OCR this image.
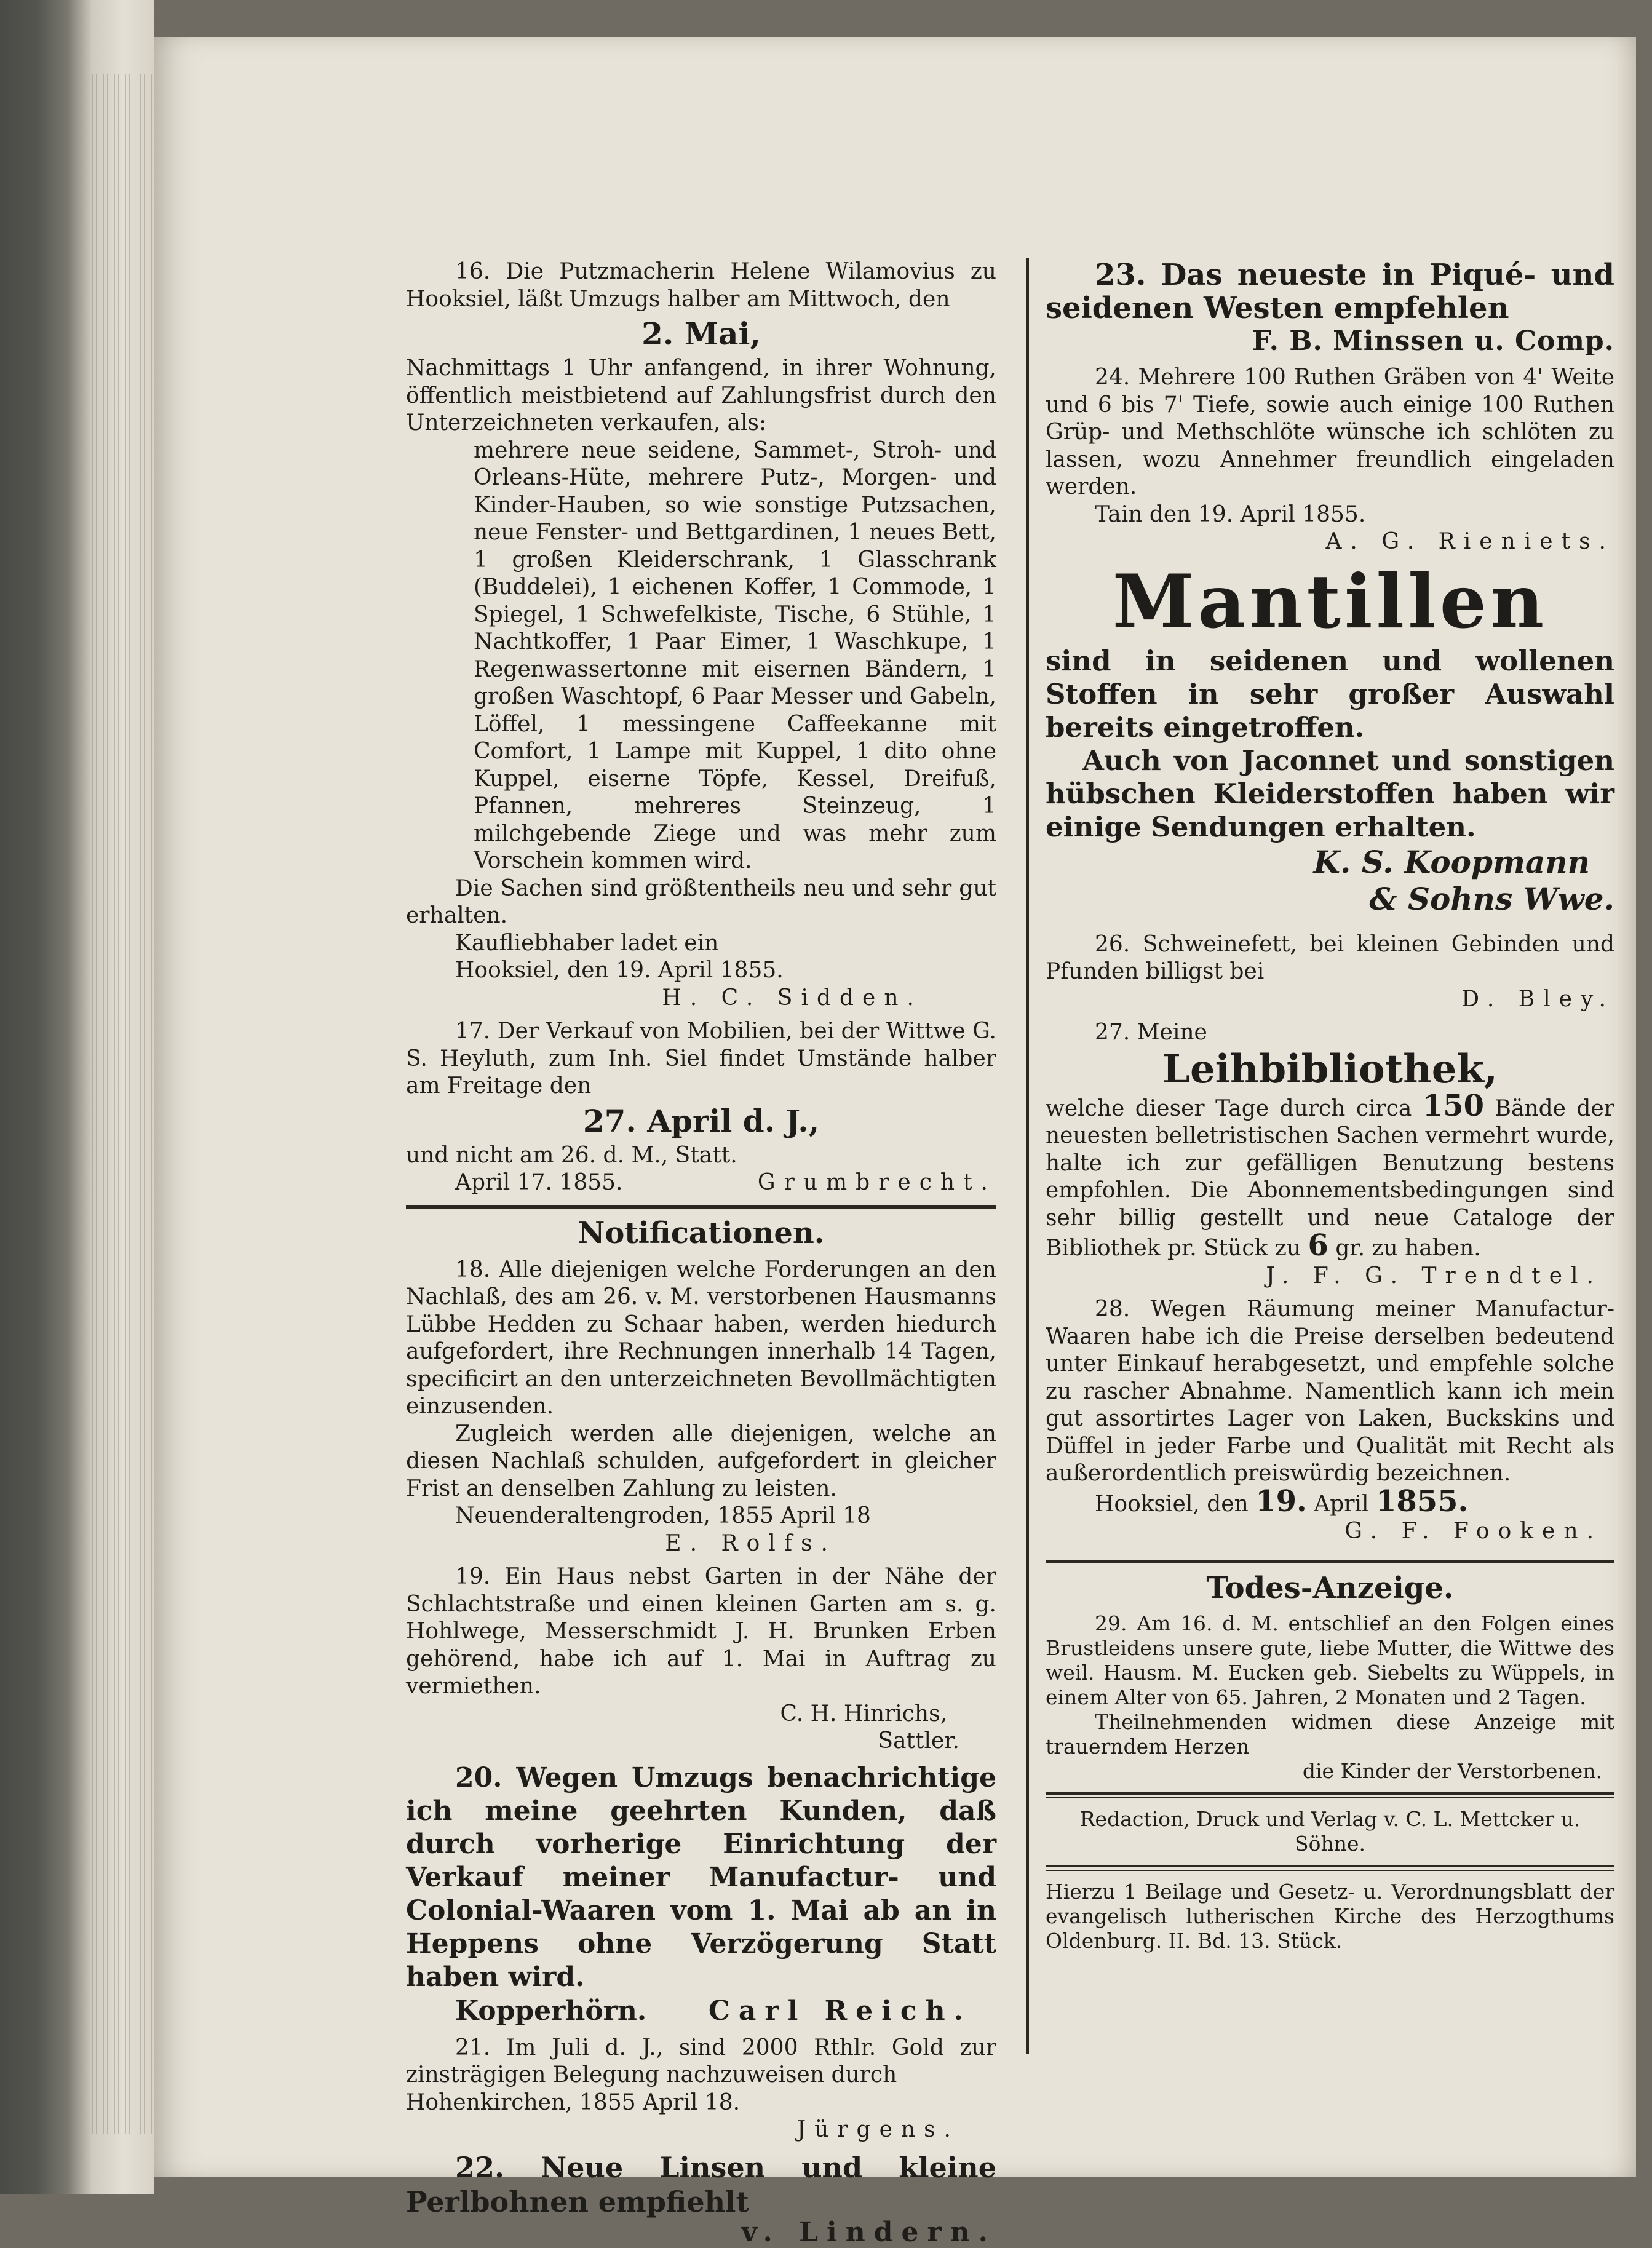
16. Die Putzmacherin Helene Wilamovius zu Hooksiel, läßt Umzugs halber am Mittwoch, den

2. Mai,

Nachmittags 1 Uhr anfangend, in ihrer Wohnung, öffentlich meistbietend auf Zahlungsfrist durch den Unterzeichneten verkaufen, als:

mehrere neue seidene, Sammet-, Stroh- und Orleans-Hüte, mehrere Putz-, Morgen- und Kinder-Hauben, so wie sonstige Putzsachen, neue Fenster- und Bettgardinen, 1 neues Bett, 1 großen Kleiderschrank, 1 Glasschrank (Buddelei), 1 eichenen Koffer, 1 Commode, 1 Spiegel, 1 Schwefelkiste, Tische, 6 Stühle, 1 Nachtkoffer, 1 Paar Eimer, 1 Waschkupe, 1 Regenwassertonne mit eisernen Bändern, 1 großen Waschtopf, 6 Paar Messer und Gabeln, Löffel, 1 messingene Caffeekanne mit Comfort, 1 Lampe mit Kuppel, 1 dito ohne Kuppel, eiserne Töpfe, Kessel, Dreifuß, Pfannen, mehreres Steinzeug, 1 milchgebende Ziege und was mehr zum Vorschein kommen wird.

Die Sachen sind größtentheils neu und sehr gut erhalten.

Kaufliebhaber ladet ein

Hooksiel, den 19. April 1855.

H. C. Sidden.

17. Der Verkauf von Mobilien, bei der Wittwe G. S. Heyluth, zum Inh. Siel findet Umstände halber am Freitage den

27. April d. J.,

und nicht am 26. d. M., Statt.

April 17. 1855.	Grumbrecht.

Notificationen.

18. Alle diejenigen welche Forderungen an den Nachlaß, des am 26. v. M. verstorbenen Hausmanns Lübbe Hedden zu Schaar haben, werden hiedurch aufgefordert, ihre Rechnungen innerhalb 14 Tagen, specificirt an den unterzeichneten Bevollmächtigten einzusenden.

Zugleich werden alle diejenigen, welche an diesen Nachlaß schulden, aufgefordert in gleicher Frist an denselben Zahlung zu leisten.

Neuenderaltengroden, 1855 April 18

E. Rolfs.

19. Ein Haus nebst Garten in der Nähe der Schlachtstraße und einen kleinen Garten am s. g. Hohlwege, Messerschmidt J. H. Brunken Erben gehörend, habe ich auf 1. Mai in Auftrag zu vermiethen.

C. H. Hinrichs,

Sattler.

20. Wegen Umzugs benachrichtige ich meine geehrten Kunden, daß durch vorherige Einrichtung der Verkauf meiner Manufactur- und Colonial-Waaren vom 1. Mai ab an in Heppens ohne Verzögerung Statt haben wird.

Kopperhörn. Carl Reich.

21. Im Juli d. J., sind 2000 Rthlr. Gold zur zinsträgigen Belegung nachzuweisen durch

Hohenkirchen, 1855 April 18.

Jürgens.

22. Neue Linsen und kleine Perlbohnen empfiehlt

v. Lindern.

23. Das neueste in Piqué- und seidenen Westen empfehlen

F. B. Minssen u. Comp.

24. Mehrere 100 Ruthen Gräben von 4' Weite und 6 bis 7' Tiefe, sowie auch einige 100 Ruthen Grüp- und Methschlöte wünsche ich schlöten zu lassen, wozu Annehmer freundlich eingeladen werden.

Tain den 19. April 1855.

A. G. Rieniets.

Mantillen

sind in seidenen und wollenen Stoffen in sehr großer Auswahl bereits eingetroffen.

Auch von Jaconnet und sonstigen hübschen Kleiderstoffen haben wir einige Sendungen erhalten.

K. S. Koopmann
& Sohns Wwe.

26. Schweinefett, bei kleinen Gebinden und Pfunden billigst bei

D. Bley.

27. Meine

Leihbibliothek,

welche dieser Tage durch circa 150 Bände der neuesten belletristischen Sachen vermehrt wurde, halte ich zur gefälligen Benutzung bestens empfohlen. Die Abonnementsbedingungen sind sehr billig gestellt und neue Cataloge der Bibliothek pr. Stück zu 6 gr. zu haben.

J. F. G. Trendtel.

28. Wegen Räumung meiner Manufactur-Waaren habe ich die Preise derselben bedeutend unter Einkauf herabgesetzt, und empfehle solche zu rascher Abnahme. Namentlich kann ich mein gut assortirtes Lager von Laken, Buckskins und Düffel in jeder Farbe und Qualität mit Recht als außerordentlich preiswürdig bezeichnen.

Hooksiel, den 19. April 1855.

G. F. Fooken.

Todes-Anzeige.

29. Am 16. d. M. entschlief an den Folgen eines Brustleidens unsere gute, liebe Mutter, die Wittwe des weil. Hausm. M. Eucken geb. Siebelts zu Wüppels, in einem Alter von 65. Jahren, 2 Monaten und 2 Tagen.

Theilnehmenden widmen diese Anzeige mit trauerndem Herzen

die Kinder der Verstorbenen.

Redaction, Druck und Verlag v. C. L. Mettcker u. Söhne.

Hierzu 1 Beilage und Gesetz- u. Verordnungsblatt der evangelisch lutherischen Kirche des Herzogthums Oldenburg. II. Bd. 13. Stück.
